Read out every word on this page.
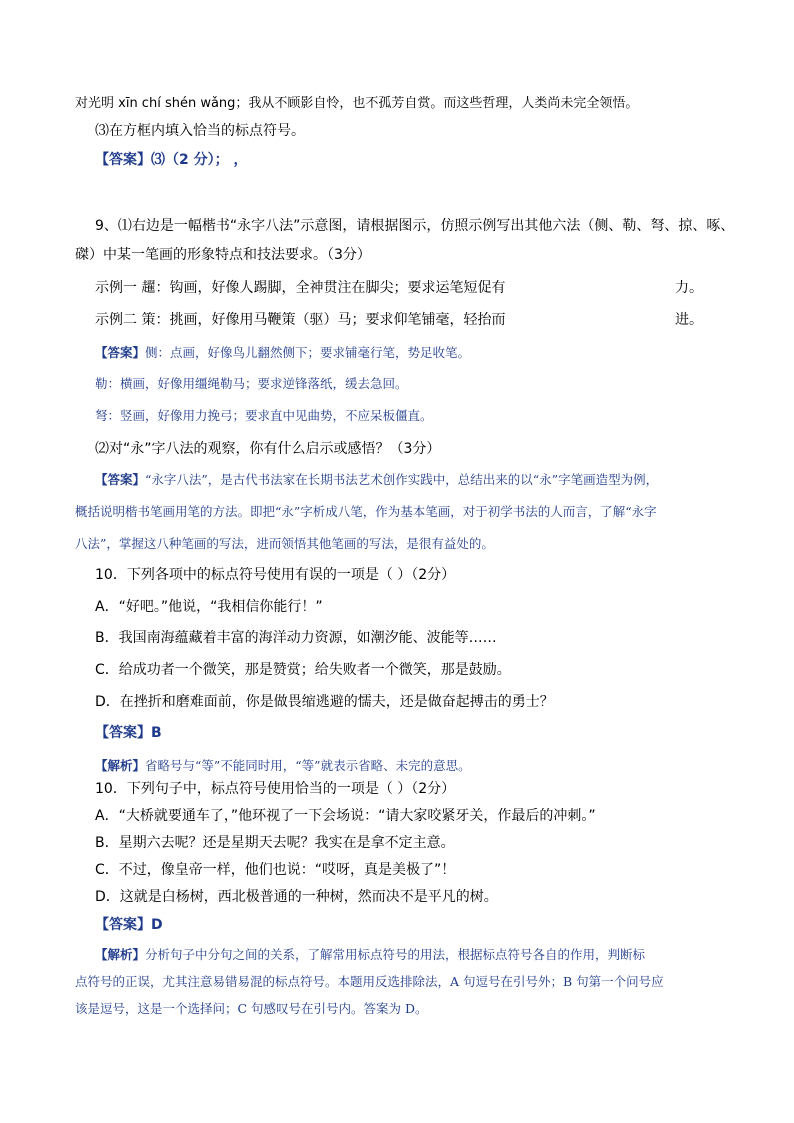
对光明 xīn chí shén wǎng；我从不顾影自怜，也不孤芳自赏。而这些哲理，人类尚未完全领悟。
⑶在方框内填入恰当的标点符号。
【答案】⑶（2 分）； ，
9、⑴右边是一幅楷书“永字八法”示意图，请根据图示，仿照示例写出其他六法（侧、勒、弩、掠、啄、
磔）中某一笔画的形象特点和技法要求。（3分）
示例一 趯：钩画，好像人踢脚，全神贯注在脚尖；要求运笔短促有	力。
示例二 策：挑画，好像用马鞭策（驱）马；要求仰笔铺毫，轻抬而	进。
【答案】侧：点画，好像鸟儿翻然侧下；要求铺毫行笔，势足收笔。
勒：横画，好像用缰绳勒马；要求逆锋落纸，缓去急回。
弩：竖画，好像用力挽弓；要求直中见曲势，不应呆板僵直。
⑵对“永”字八法的观察，你有什么启示或感悟？（3分）
【答案】“永字八法”，是古代书法家在长期书法艺术创作实践中，总结出来的以“永”字笔画造型为例，
概括说明楷书笔画用笔的方法。即把“永”字析成八笔，作为基本笔画，对于初学书法的人而言，了解“永字
八法”，掌握这八种笔画的写法，进而领悟其他笔画的写法，是很有益处的。
10．下列各项中的标点符号使用有误的一项是（ ）（2分）
A．“好吧。”他说，“我相信你能行！”
B．我国南海蕴藏着丰富的海洋动力资源，如潮汐能、波能等……
C．给成功者一个微笑，那是赞赏；给失败者一个微笑，那是鼓励。
D．在挫折和磨难面前，你是做畏缩逃避的懦夫，还是做奋起搏击的勇士？
【答案】B
【解析】省略号与“等”不能同时用，“等”就表示省略、未完的意思。
10．下列句子中，标点符号使用恰当的一项是（ ）（2分）
A．“大桥就要通车了，”他环视了一下会场说：“请大家咬紧牙关，作最后的冲刺。”
B．星期六去呢？还是星期天去呢？我实在是拿不定主意。
C．不过，像皇帝一样，他们也说：“哎呀，真是美极了”！
D．这就是白杨树，西北极普通的一种树，然而决不是平凡的树。
【答案】D
【解析】分析句子中分句之间的关系，了解常用标点符号的用法，根据标点符号各自的作用，判断标
点符号的正误，尤其注意易错易混的标点符号。本题用反选排除法，A 句逗号在引号外；B 句第一个问号应
该是逗号，这是一个选择问；C 句感叹号在引号内。答案为 D。
